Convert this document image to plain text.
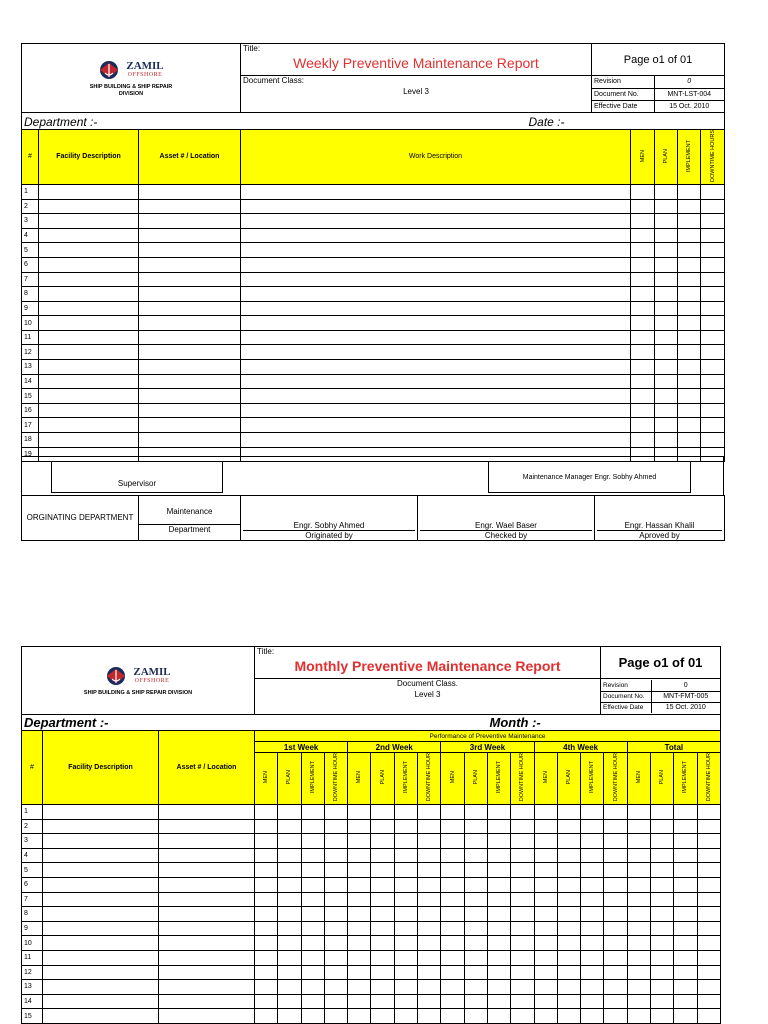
ZAMIL
OFFSHORE
SHIP BUILDING & SHIP REPAIR DIVISION

Title:
Weekly Preventive Maintenance Report	Page o1 of 01

Document Class:
Level 3

Revision	0
Document No.	MNT-LST-004
Effective Date	15 Oct. 2010

Department :-	Date :-

#	Facility Description	Asset # / Location	Work Description	MEN	PLAN	IMPLEMENT	DOWNTIME HOURS
1							
2							
3							
4							
5							
6							
7							
8							
9							
10							
11							
12							
13							
14							
15							
16							
17							
18							
19							
Supervisor
Maintenance Manager Engr. Sobhy Ahmed
ORGINATING DEPARTMENT	
Maintenance
Department	Engr. Sobhy Ahmed
Originated by

Engr. Wael Baser
Checked by

Engr. Hassan Khalil
Aproved by
ZAMIL
OFFSHORE
SHIP BUILDING & SHIP REPAIR DIVISION

Title:
Monthly Preventive Maintenance Report	Page o1 of 01

Document Class.
Level 3

Revision	0
Document No.	MNT-FMT-005
Effective Date	15 Oct. 2010

Department :-	Month :-
#	Facility Description	Asset # / Location	Performance of Preventive Maintenance																			
			1st Week				2nd Week				3rd Week				4th Week				Total			
			MEN	PLAN	IMPLEMENT	DOWNTIME HOUR	MEN	PLAN	IMPLEMENT	DOWNTIME HOUR	MEN	PLAN	IMPLEMENT	DOWNTIME HOUR	MEN	PLAN	IMPLEMENT	DOWNTIME HOUR	MEN	PLAN	IMPLEMENT	DOWNTIME HOUR
1																						
2																						
3																						
4																						
5																						
6																						
7																						
8																						
9																						
10																						
11																						
12																						
13																						
14																						
15																						
